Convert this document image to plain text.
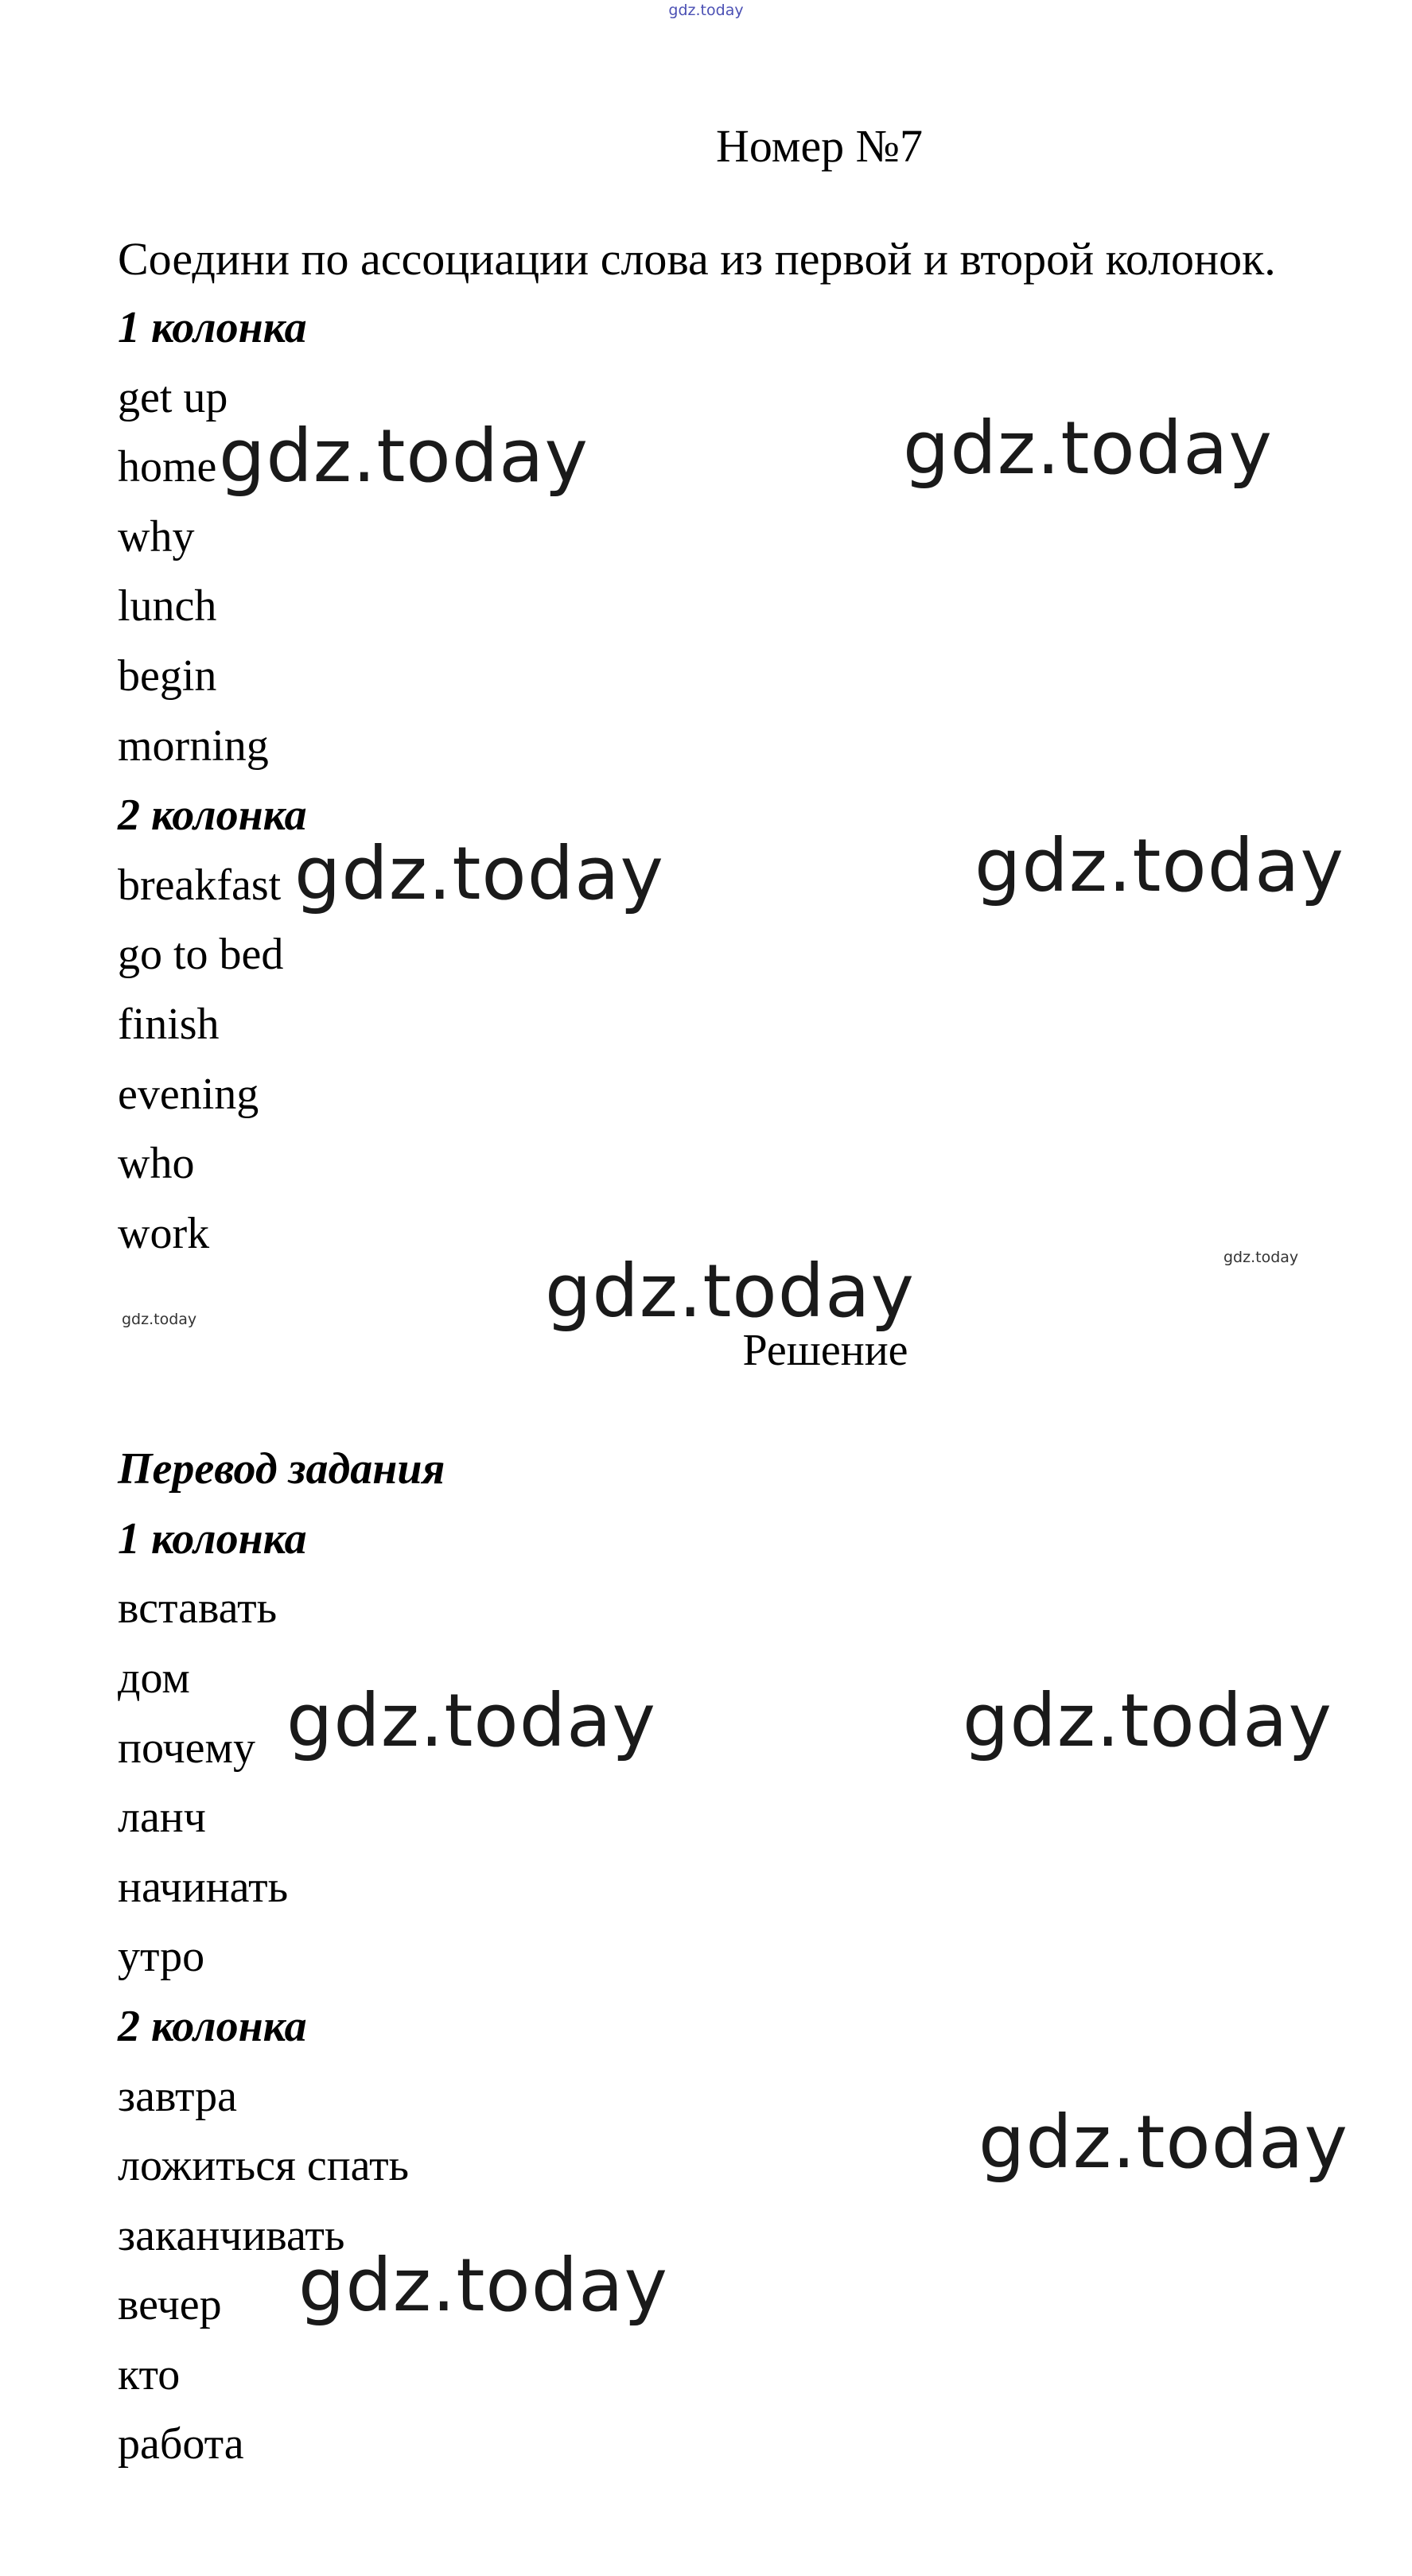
gdz.today
Номер №7
Соедини по ассоциации слова из первой и второй колонок.
1 колонка
get up
home
why
lunch
begin
morning
2 колонка
breakfast
go to bed
finish
evening
who
work
Решение
Перевод задания
1 колонка
вставать
дом
почему
ланч
начинать
утро
2 колонка
завтра
ложиться спать
заканчивать
вечер
кто
работа
gdz.today	gdz.today
gdz.today	gdz.today
gdz.today
gdz.today	gdz.today
gdz.today
gdz.today
gdz.today
gdz.today
